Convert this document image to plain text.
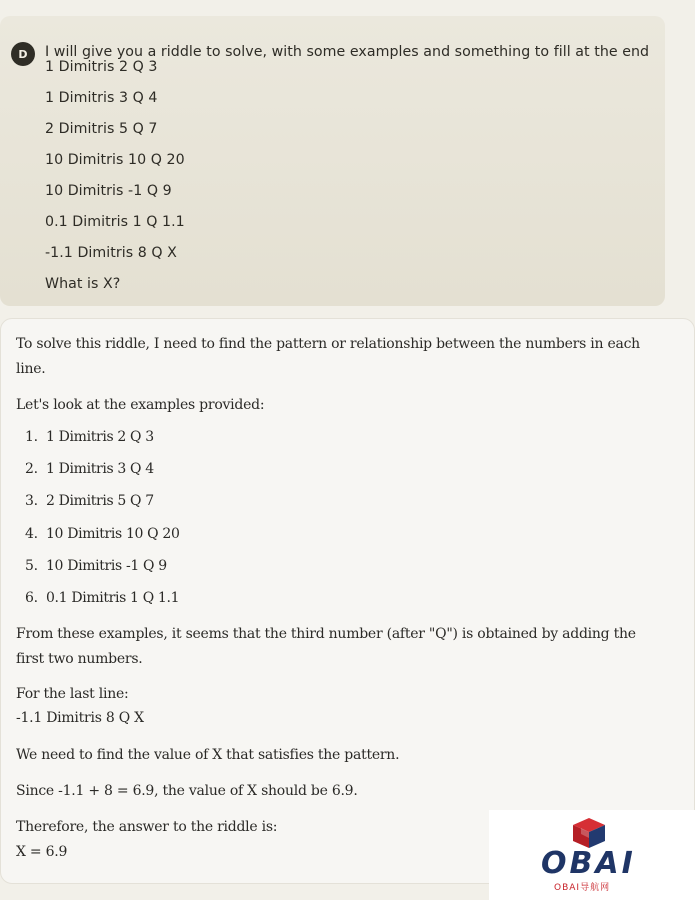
D	I will give you a riddle to solve, with some examples and something to fill at the end
1 Dimitris 2 Q 3
1 Dimitris 3 Q 4
2 Dimitris 5 Q 7
10 Dimitris 10 Q 20
10 Dimitris -1 Q 9
0.1 Dimitris 1 Q 1.1
-1.1 Dimitris 8 Q X
What is X?
To solve this riddle, I need to find the pattern or relationship between the numbers in each
line.
Let's look at the examples provided:
1. 1 Dimitris 2 Q 3
2. 1 Dimitris 3 Q 4
3. 2 Dimitris 5 Q 7
4. 10 Dimitris 10 Q 20
5. 10 Dimitris -1 Q 9
6. 0.1 Dimitris 1 Q 1.1
From these examples, it seems that the third number (after "Q") is obtained by adding the
first two numbers.
For the last line:
-1.1 Dimitris 8 Q X
We need to find the value of X that satisfies the pattern.
Since -1.1 + 8 = 6.9, the value of X should be 6.9.
Therefore, the answer to the riddle is:
X = 6.9	OBAI
OBAI导航网
